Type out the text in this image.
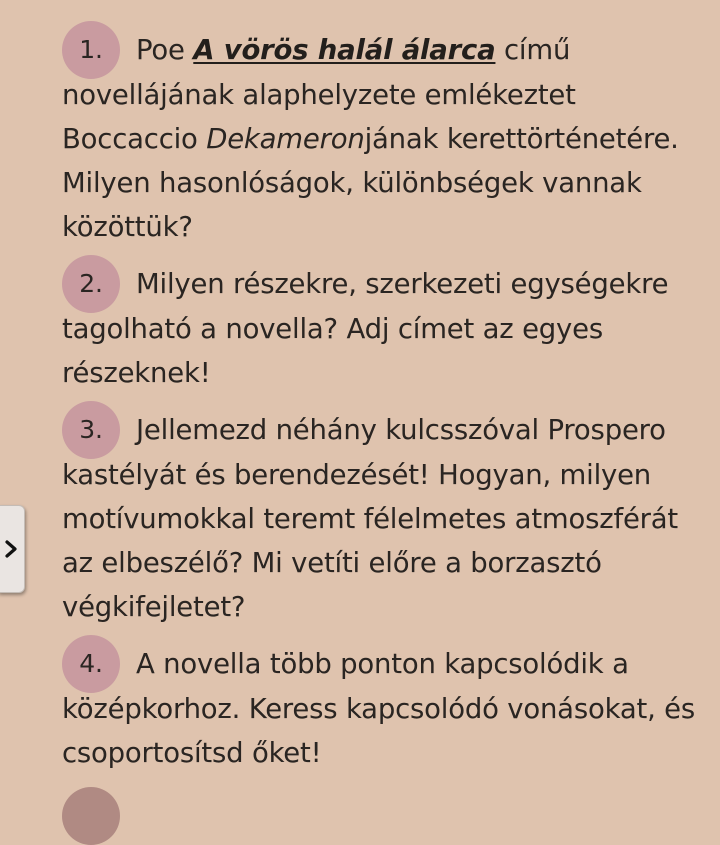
1. Poe A vörös halál álarca című novellájának alaphelyzete emlékeztet Boccaccio Dekameronjának kerettörténetére. Milyen hasonlóságok, különbségek vannak közöttük?
2. Milyen részekre, szerkezeti egységekre tagolható a novella? Adj címet az egyes részeknek!
3. Jellemezd néhány kulcsszóval Prospero kastélyát és berendezését! Hogyan, milyen motívumokkal teremt félelmetes atmoszférát az elbeszélő? Mi vetíti előre a borzasztó végkifejletet?
4. A novella több ponton kapcsolódik a középkorhoz. Keress kapcsolódó vonásokat, és csoportosítsd őket!
